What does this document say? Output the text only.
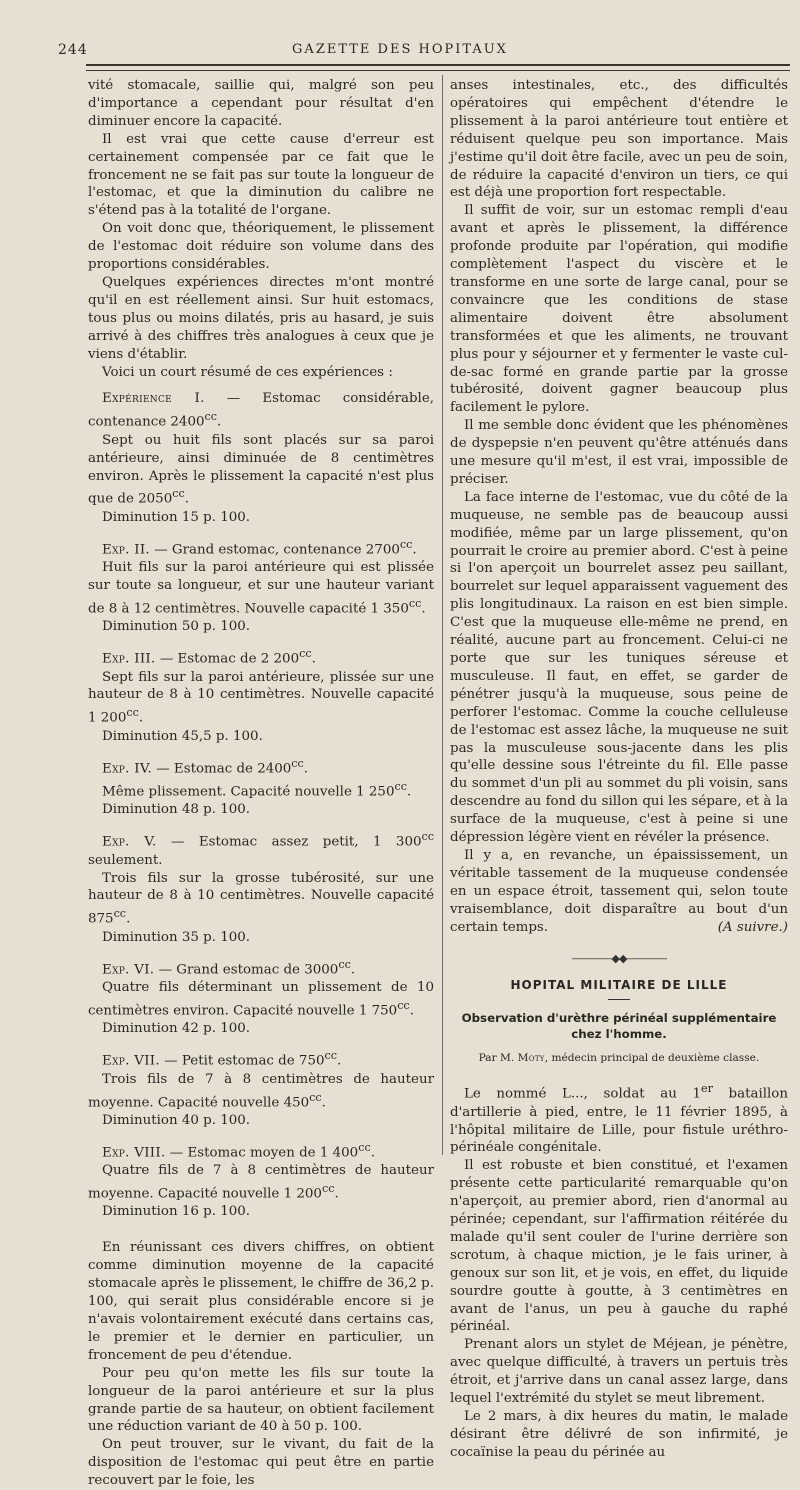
244	GAZETTE DES HOPITAUX

vité stomacale, saillie qui, malgré son peu d'importance a cependant pour résultat d'en diminuer encore la capacité.

Il est vrai que cette cause d'erreur est certainement compensée par ce fait que le froncement ne se fait pas sur toute la longueur de l'estomac, et que la diminution du calibre ne s'étend pas à la totalité de l'organe.

On voit donc que, théoriquement, le plissement de l'estomac doit réduire son volume dans des proportions considérables.

Quelques expériences directes m'ont montré qu'il en est réellement ainsi. Sur huit estomacs, tous plus ou moins dilatés, pris au hasard, je suis arrivé à des chiffres très analogues à ceux que je viens d'établir.

Voici un court résumé de ces expériences :

Expérience I. — Estomac considérable, contenance $2400^{cc}$.

Sept ou huit fils sont placés sur sa paroi antérieure, ainsi diminuée de 8 centimètres environ. Après le plissement la capacité n'est plus que de $2050^{cc}$.

Diminution 15 p. 100.

Exp. II. — Grand estomac, contenance $2700^{cc}$.

Huit fils sur la paroi antérieure qui est plissée sur toute sa longueur, et sur une hauteur variant de 8 à 12 centimètres. Nouvelle capacité 1 $350^{cc}$.

Diminution 50 p. 100.

Exp. III. — Estomac de 2 $200^{cc}$.

Sept fils sur la paroi antérieure, plissée sur une hauteur de 8 à 10 centimètres. Nouvelle capacité 1 $200^{cc}$.

Diminution 45,5 p. 100.

Exp. IV. — Estomac de $2400^{cc}$.

Même plissement. Capacité nouvelle 1 $250^{cc}$.

Diminution 48 p. 100.

Exp. V. — Estomac assez petit, 1 $300^{cc}$ seulement.

Trois fils sur la grosse tubérosité, sur une hauteur de 8 à 10 centimètres. Nouvelle capacité $875^{cc}$.

Diminution 35 p. 100.

Exp. VI. — Grand estomac de $3000^{cc}$.

Quatre fils déterminant un plissement de 10 centimètres environ. Capacité nouvelle 1 $750^{cc}$.

Diminution 42 p. 100.

Exp. VII. — Petit estomac de $750^{cc}$.

Trois fils de 7 à 8 centimètres de hauteur moyenne. Capacité nouvelle $450^{cc}$.

Diminution 40 p. 100.

Exp. VIII. — Estomac moyen de 1 $400^{cc}$.

Quatre fils de 7 à 8 centimètres de hauteur moyenne. Capacité nouvelle 1 $200^{cc}$.

Diminution 16 p. 100.

En réunissant ces divers chiffres, on obtient comme diminution moyenne de la capacité stomacale après le plissement, le chiffre de 36,2 p. 100, qui serait plus considérable encore si je n'avais volontairement exécuté dans certains cas, le premier et le dernier en particulier, un froncement de peu d'étendue.

Pour peu qu'on mette les fils sur toute la longueur de la paroi antérieure et sur la plus grande partie de sa hauteur, on obtient facilement une réduction variant de 40 à 50 p. 100.

On peut trouver, sur le vivant, du fait de la disposition de l'estomac qui peut être en partie recouvert par le foie, les

anses intestinales, etc., des difficultés opératoires qui empêchent d'étendre le plissement à la paroi antérieure tout entière et réduisent quelque peu son importance. Mais j'estime qu'il doit être facile, avec un peu de soin, de réduire la capacité d'environ un tiers, ce qui est déjà une proportion fort respectable.

Il suffit de voir, sur un estomac rempli d'eau avant et après le plissement, la différence profonde produite par l'opération, qui modifie complètement l'aspect du viscère et le transforme en une sorte de large canal, pour se convaincre que les conditions de stase alimentaire doivent être absolument transformées et que les aliments, ne trouvant plus pour y séjourner et y fermenter le vaste cul-de-sac formé en grande partie par la grosse tubérosité, doivent gagner beaucoup plus facilement le pylore.

Il me semble donc évident que les phénomènes de dyspepsie n'en peuvent qu'être atténués dans une mesure qu'il m'est, il est vrai, impossible de préciser.

La face interne de l'estomac, vue du côté de la muqueuse, ne semble pas de beaucoup aussi modifiée, même par un large plissement, qu'on pourrait le croire au premier abord. C'est à peine si l'on aperçoit un bourrelet assez peu saillant, bourrelet sur lequel apparaissent vaguement des plis longitudinaux. La raison en est bien simple. C'est que la muqueuse elle-même ne prend, en réalité, aucune part au froncement. Celui-ci ne porte que sur les tuniques séreuse et musculeuse. Il faut, en effet, se garder de pénétrer jusqu'à la muqueuse, sous peine de perforer l'estomac. Comme la couche celluleuse de l'estomac est assez lâche, la muqueuse ne suit pas la musculeuse sous-jacente dans les plis qu'elle dessine sous l'étreinte du fil. Elle passe du sommet d'un pli au sommet du pli voisin, sans descendre au fond du sillon qui les sépare, et à la surface de la muqueuse, c'est à peine si une dépression légère vient en révéler la présence.

Il y a, en revanche, un épaississement, un véritable tassement de la muqueuse condensée en un espace étroit, tassement qui, selon toute vraisemblance, doit disparaître au bout d'un certain temps.	(A suivre.)

————◆◆————
HOPITAL MILITAIRE DE LILLE
Observation d'urèthre périnéal supplémentaire
chez l'homme.
Par M. Moty, médecin principal de deuxième classe.

Le nommé L..., soldat au 1er bataillon d'artillerie à pied, entre, le 11 février 1895, à l'hôpital militaire de Lille, pour fistule uréthro-périnéale congénitale.

Il est robuste et bien constitué, et l'examen présente cette particularité remarquable qu'on n'aperçoit, au premier abord, rien d'anormal au périnée; cependant, sur l'affirmation réitérée du malade qu'il sent couler de l'urine derrière son scrotum, à chaque miction, je le fais uriner, à genoux sur son lit, et je vois, en effet, du liquide sourdre goutte à goutte, à 3 centimètres en avant de l'anus, un peu à gauche du raphé périnéal.

Prenant alors un stylet de Méjean, je pénètre, avec quelque difficulté, à travers un pertuis très étroit, et j'arrive dans un canal assez large, dans lequel l'extrémité du stylet se meut librement.

Le 2 mars, à dix heures du matin, le malade désirant être délivré de son infirmité, je cocaïnise la peau du périnée au
